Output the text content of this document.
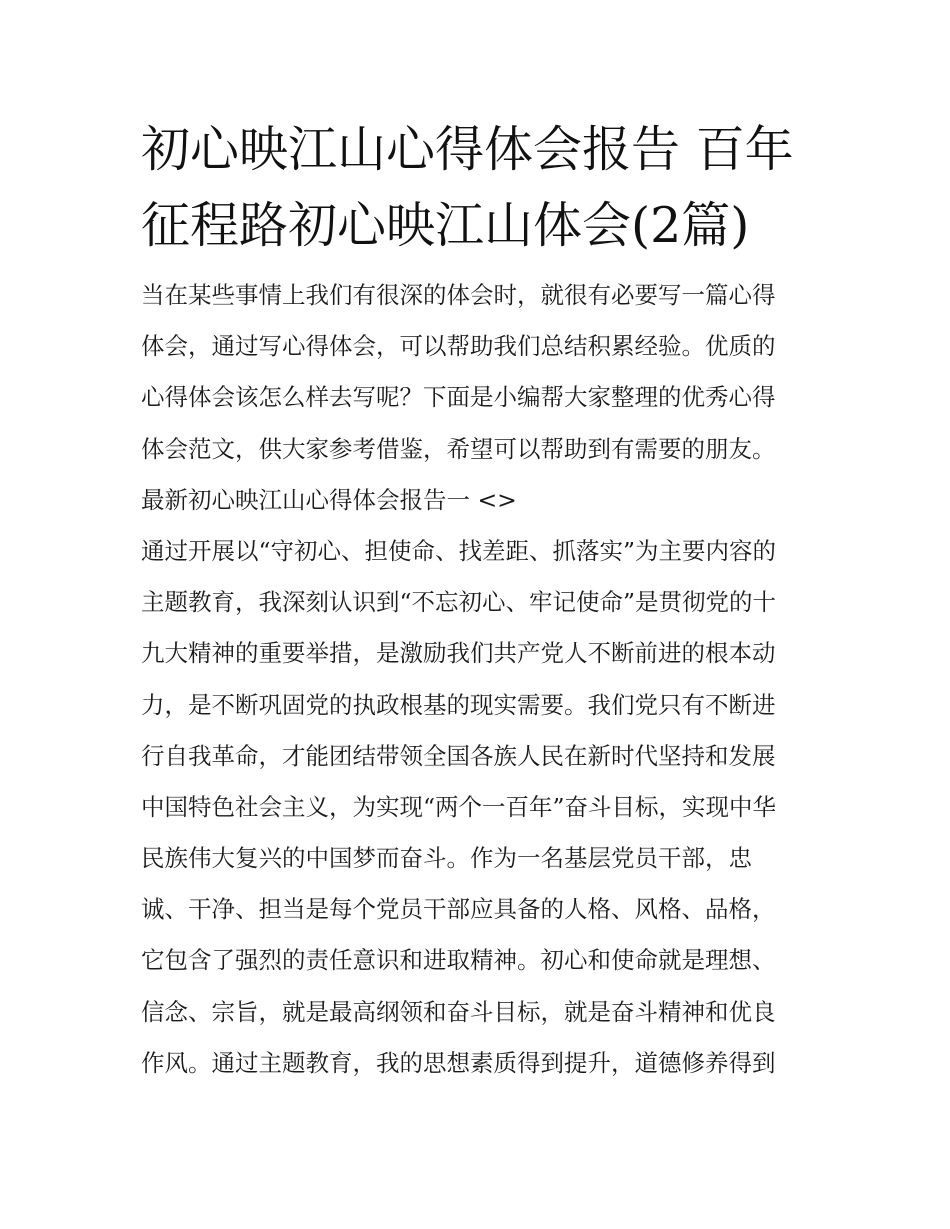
初心映江山心得体会报告 百年
征程路初心映江山体会(2篇)
当在某些事情上我们有很深的体会时，就很有必要写一篇心得
体会，通过写心得体会，可以帮助我们总结积累经验。优质的
心得体会该怎么样去写呢？下面是小编帮大家整理的优秀心得
体会范文，供大家参考借鉴，希望可以帮助到有需要的朋友。
最新初心映江山心得体会报告一 <>
通过开展以“守初心、担使命、找差距、抓落实”为主要内容的
主题教育，我深刻认识到“不忘初心、牢记使命”是贯彻党的十
九大精神的重要举措，是激励我们共产党人不断前进的根本动
力，是不断巩固党的执政根基的现实需要。我们党只有不断进
行自我革命，才能团结带领全国各族人民在新时代坚持和发展
中国特色社会主义，为实现“两个一百年”奋斗目标，实现中华
民族伟大复兴的中国梦而奋斗。作为一名基层党员干部，忠
诚、干净、担当是每个党员干部应具备的人格、风格、品格，
它包含了强烈的责任意识和进取精神。初心和使命就是理想、
信念、宗旨，就是最高纲领和奋斗目标，就是奋斗精神和优良
作风。通过主题教育，我的思想素质得到提升，道德修养得到
